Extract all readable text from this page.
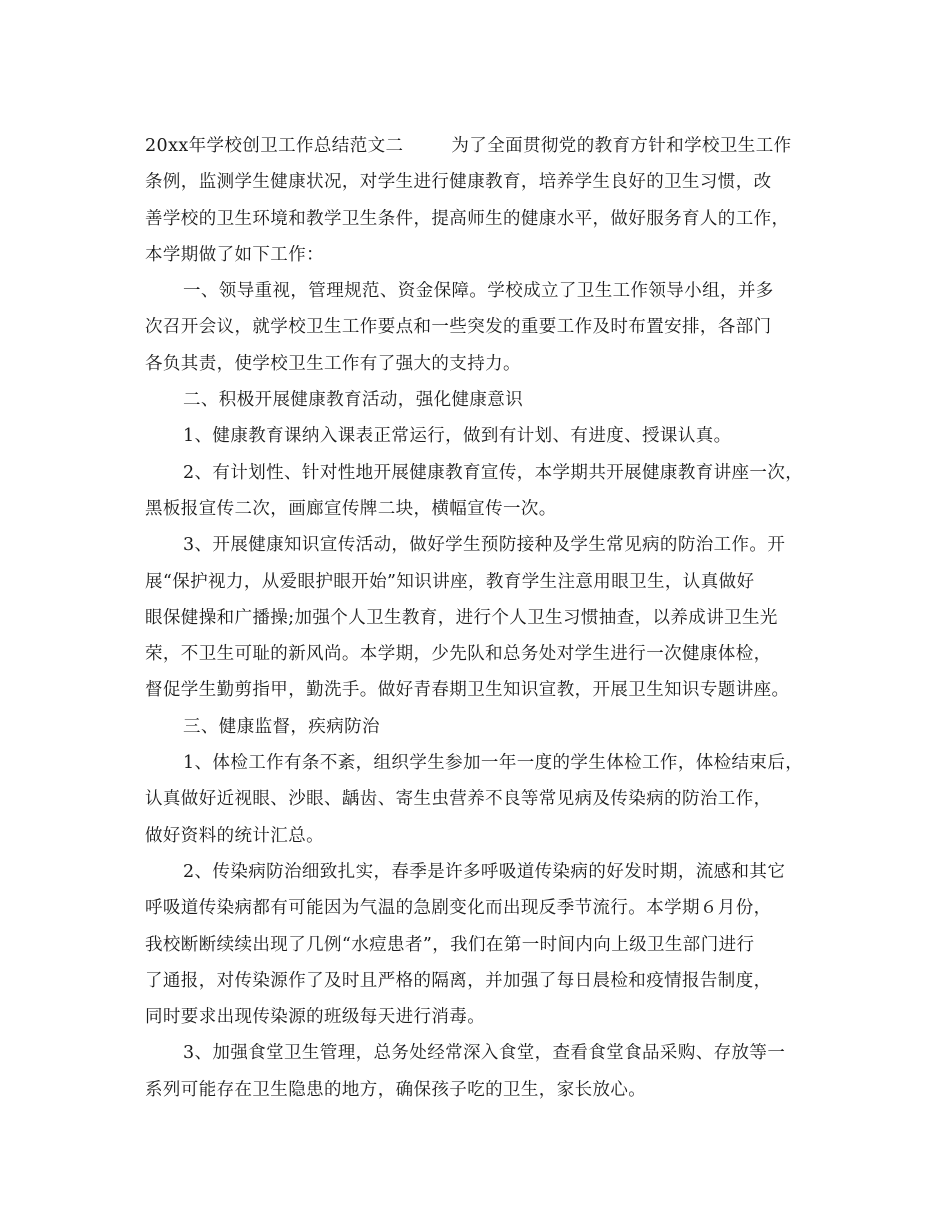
20xx年学校创卫工作总结范文二	为了全面贯彻党的教育方针和学校卫生工作
条例，监测学生健康状况，对学生进行健康教育，培养学生良好的卫生习惯，改
善学校的卫生环境和教学卫生条件，提高师生的健康水平，做好服务育人的工作，
本学期做了如下工作：
一、领导重视，管理规范、资金保障。学校成立了卫生工作领导小组，并多
次召开会议，就学校卫生工作要点和一些突发的重要工作及时布置安排，各部门
各负其责，使学校卫生工作有了强大的支持力。
二、积极开展健康教育活动，强化健康意识
1、健康教育课纳入课表正常运行，做到有计划、有进度、授课认真。
2、有计划性、针对性地开展健康教育宣传，本学期共开展健康教育讲座一次，
黑板报宣传二次，画廊宣传牌二块，横幅宣传一次。
3、开展健康知识宣传活动，做好学生预防接种及学生常见病的防治工作。开
展“保护视力，从爱眼护眼开始”知识讲座，教育学生注意用眼卫生，认真做好
眼保健操和广播操;加强个人卫生教育，进行个人卫生习惯抽查，以养成讲卫生光
荣，不卫生可耻的新风尚。本学期，少先队和总务处对学生进行一次健康体检，
督促学生勤剪指甲，勤洗手。做好青春期卫生知识宣教，开展卫生知识专题讲座。
三、健康监督，疾病防治
1、体检工作有条不紊，组织学生参加一年一度的学生体检工作，体检结束后，
认真做好近视眼、沙眼、龋齿、寄生虫营养不良等常见病及传染病的防治工作，
做好资料的统计汇总。
2、传染病防治细致扎实，春季是许多呼吸道传染病的好发时期，流感和其它
呼吸道传染病都有可能因为气温的急剧变化而出现反季节流行。本学期６月份，
我校断断续续出现了几例“水痘患者”，我们在第一时间内向上级卫生部门进行
了通报，对传染源作了及时且严格的隔离，并加强了每日晨检和疫情报告制度，
同时要求出现传染源的班级每天进行消毒。
3、加强食堂卫生管理，总务处经常深入食堂，查看食堂食品采购、存放等一
系列可能存在卫生隐患的地方，确保孩子吃的卫生，家长放心。
